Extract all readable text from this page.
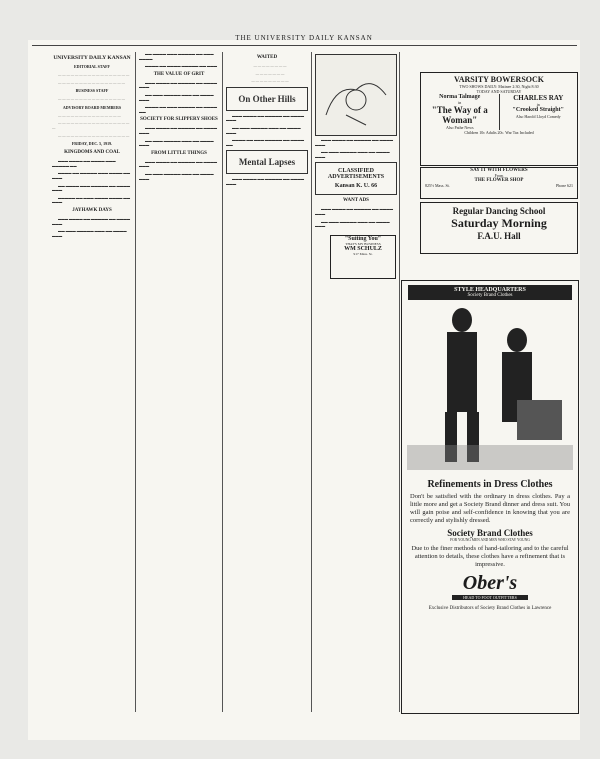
THE UNIVERSITY DAILY KANSAN
UNIVERSITY DAILY KANSAN
EDITORIAL STAFF

— — — — — — — — — — — — — — — — —

— — — — — — — — — — — — — — — —

BUSINESS STAFF

— — — — — — — — — — — — — — — —

ADVISORY BOARD MEMBERS

— — — — — — — — — — — — — — —

— — — — — — — — — — — — — — — — — —

— — — — — — — — — — — — — — — — —

FRIDAY, DEC. 5, 1919.
KINGDOMS AND COAL

▬▬▬ ▬▬▬▬ ▬▬ ▬▬▬▬ ▬▬▬ ▬▬▬▬▬ ▬▬

▬▬▬▬ ▬▬ ▬▬▬▬▬ ▬▬▬ ▬▬▬▬ ▬▬ ▬▬▬

▬▬ ▬▬▬▬ ▬▬▬ ▬▬▬▬▬ ▬▬ ▬▬▬▬ ▬▬▬

▬▬▬▬▬ ▬▬ ▬▬▬ ▬▬▬▬ ▬▬▬▬ ▬▬ ▬▬▬

JAYHAWK DAYS

▬▬▬ ▬▬▬▬ ▬▬ ▬▬▬▬▬ ▬▬ ▬▬▬▬ ▬▬▬

▬▬ ▬▬▬ ▬▬▬▬▬ ▬▬▬ ▬▬ ▬▬▬▬ ▬▬▬

▬▬ ▬▬▬▬ ▬▬▬ ▬▬▬▬▬ ▬▬ ▬▬▬ ▬▬▬▬

▬▬▬▬ ▬▬ ▬▬▬▬ ▬▬▬▬▬ ▬▬ ▬▬▬

THE VALUE OF GRIT

▬▬▬ ▬▬▬▬ ▬▬ ▬▬▬▬▬ ▬▬ ▬▬▬▬ ▬▬▬

▬▬ ▬▬▬ ▬▬▬▬▬ ▬▬▬ ▬▬ ▬▬▬▬ ▬▬▬

▬▬▬▬ ▬▬ ▬▬▬ ▬▬▬▬▬ ▬▬ ▬▬▬▬ ▬▬

SOCIETY FOR SLIPPERY SHOES

▬▬▬ ▬▬▬▬ ▬▬ ▬▬▬▬▬ ▬▬ ▬▬▬▬ ▬▬▬

▬▬ ▬▬▬ ▬▬▬▬▬ ▬▬▬ ▬▬ ▬▬▬▬ ▬▬▬

FROM LITTLE THINGS

▬▬▬ ▬▬▬▬ ▬▬ ▬▬▬▬▬ ▬▬ ▬▬▬▬ ▬▬▬

▬▬ ▬▬▬ ▬▬▬▬▬ ▬▬▬ ▬▬ ▬▬▬▬ ▬▬▬

WAITED

— — — — — — — —

— — — — — — —

— — — — — — — — —

On Other Hills

▬▬▬ ▬▬▬▬ ▬▬ ▬▬▬▬▬ ▬▬ ▬▬▬▬ ▬▬▬

▬▬ ▬▬▬ ▬▬▬▬▬ ▬▬▬ ▬▬ ▬▬▬▬ ▬▬▬

▬▬▬▬ ▬▬ ▬▬▬ ▬▬▬▬▬ ▬▬ ▬▬▬▬ ▬▬

Mental Lapses

▬▬▬ ▬▬▬▬ ▬▬ ▬▬▬▬▬ ▬▬ ▬▬▬▬ ▬▬▬

▬▬▬ ▬▬▬▬ ▬▬ ▬▬▬▬▬ ▬▬ ▬▬▬▬ ▬▬▬

▬▬ ▬▬▬ ▬▬▬▬▬ ▬▬▬ ▬▬ ▬▬▬▬ ▬▬▬

CLASSIFIED ADVERTISEMENTS
Kansan K. U. 66
WANT ADS

▬▬▬ ▬▬▬▬ ▬▬ ▬▬▬▬▬ ▬▬ ▬▬▬▬ ▬▬▬

▬▬ ▬▬▬ ▬▬▬▬▬ ▬▬▬ ▬▬ ▬▬▬▬ ▬▬▬

VARSITY BOWERSOCK
TWO SHOWS DAILY: Matinee 2:30, Night 8:30
TODAY AND SATURDAY
Norma Talmage
in
"The Way of a Woman"
Also Pathe News
CHARLES RAY
in
"Crooked Straight"
Also Harold Lloyd Comedy
Children 10c Adults 20c. War Tax Included
SAY IT WITH FLOWERS
From
THE FLOWER SHOP
825½ Mass. St.	Phone 621
Regular Dancing School
Saturday Morning
F.A.U. Hall
"Suiting You"
THAT'S MY BUSINESS
WM SCHULZ
917 Mass. St.
STYLE HEADQUARTERS
Society Brand Clothes
Refinements in Dress Clothes
Don't be satisfied with the ordinary in dress clothes. Pay a little more and get a Society Brand dinner and dress suit. You will gain poise and self-confidence in knowing that you are correctly and stylishly dressed.
Society Brand Clothes
FOR YOUNG MEN AND MEN WHO STAY YOUNG
Due to the finer methods of hand-tailoring and to the careful attention to details, these clothes have a refinement that is impressive.
Ober's
HEAD TO FOOT OUTFITTERS
Exclusive Distributors of Society Brand Clothes in Lawrence
